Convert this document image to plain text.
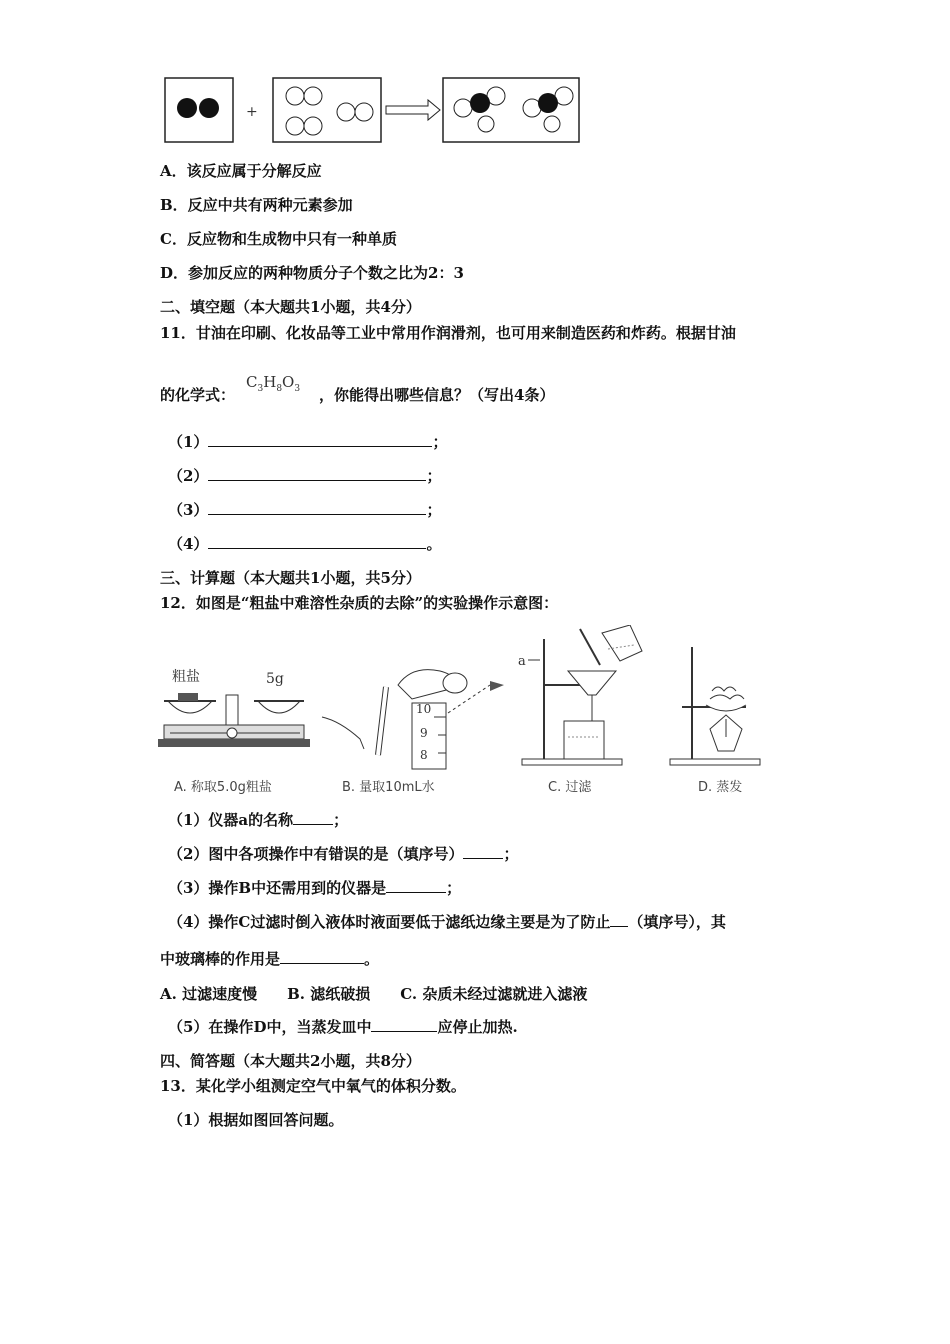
+
A．该反应属于分解反应
B．反应中共有两种元素参加
C．反应物和生成物中只有一种单质
D．参加反应的两种物质分子个数之比为2：3
二、填空题（本大题共1小题，共4分）
11．甘油在印刷、化妆品等工业中常用作润滑剂，也可用来制造医药和炸药。根据甘油
的化学式：	，你能得出哪些信息？（写出4条）
$C_3H_8O_3$
（1）	；
（2）	；
（3）	；
（4）	。
三、计算题（本大题共1小题，共5分）
12．如图是“粗盐中难溶性杂质的去除”的实验操作示意图：
粗盐	5g
10
9
8
a
A. 称取5.0g粗盐	B. 量取10mL水	C. 过滤	D. 蒸发
（1）仪器a的名称	；
（2）图中各项操作中有错误的是（填序号）	；
（3）操作B中还需用到的仪器是	；
（4）操作C过滤时倒入液体时液面要低于滤纸边缘主要是为了防止 （填序号），其
中玻璃棒的作用是	。
A. 过滤速度慢 B. 滤纸破损 C. 杂质未经过滤就进入滤液
（5）在操作D中，当蒸发皿中	应停止加热.
四、简答题（本大题共2小题，共8分）
13．某化学小组测定空气中氧气的体积分数。
（1）根据如图回答问题。
